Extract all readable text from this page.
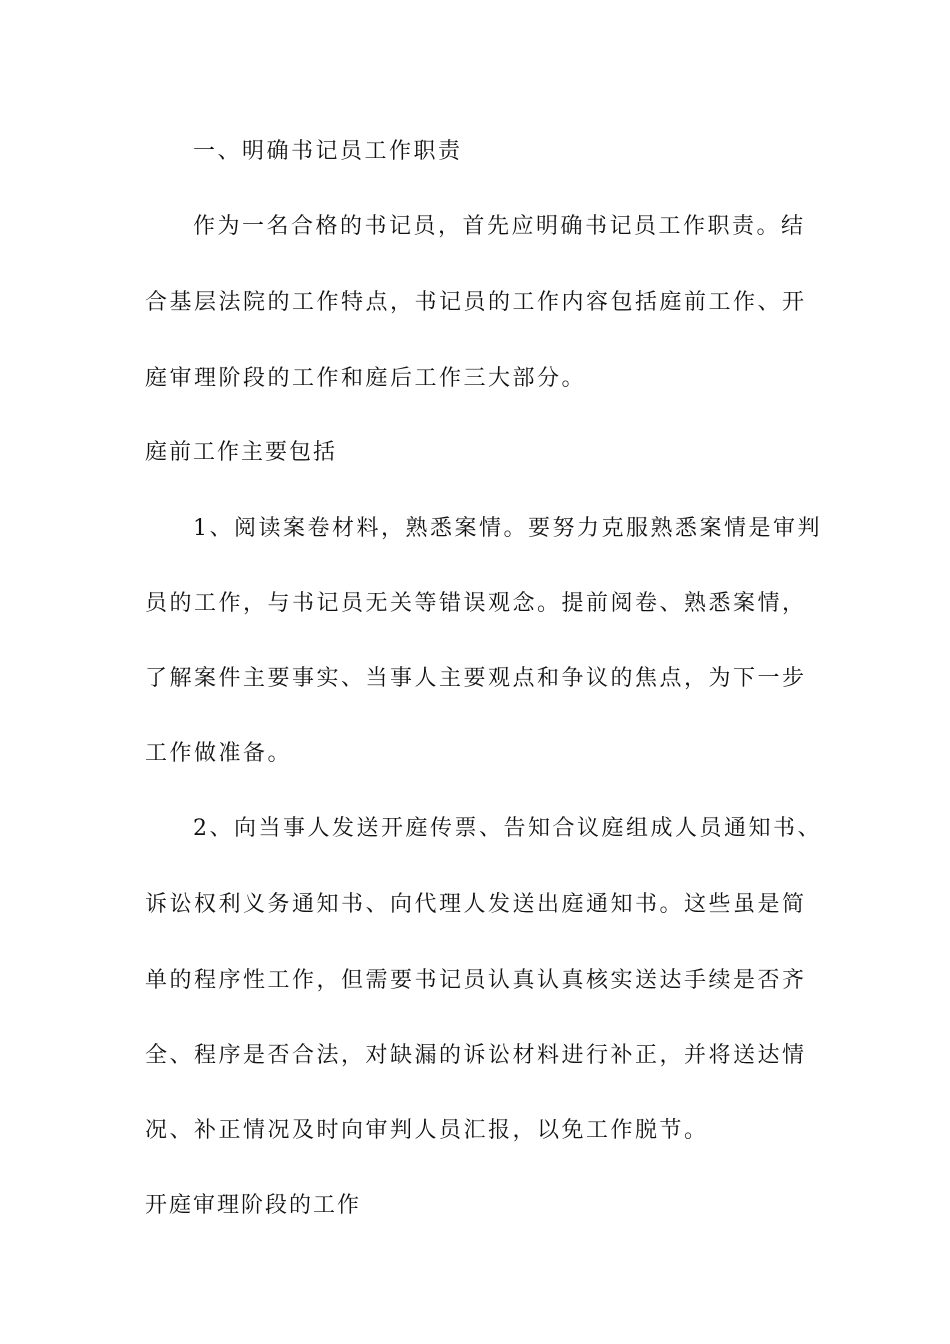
一、明确书记员工作职责
作为一名合格的书记员，首先应明确书记员工作职责。结
合基层法院的工作特点，书记员的工作内容包括庭前工作、开
庭审理阶段的工作和庭后工作三大部分。
庭前工作主要包括
1、阅读案卷材料，熟悉案情。要努力克服熟悉案情是审判
员的工作，与书记员无关等错误观念。提前阅卷、熟悉案情，
了解案件主要事实、当事人主要观点和争议的焦点，为下一步
工作做准备。
2、向当事人发送开庭传票、告知合议庭组成人员通知书、
诉讼权利义务通知书、向代理人发送出庭通知书。这些虽是简
单的程序性工作，但需要书记员认真认真核实送达手续是否齐
全、程序是否合法，对缺漏的诉讼材料进行补正，并将送达情
况、补正情况及时向审判人员汇报，以免工作脱节。
开庭审理阶段的工作
